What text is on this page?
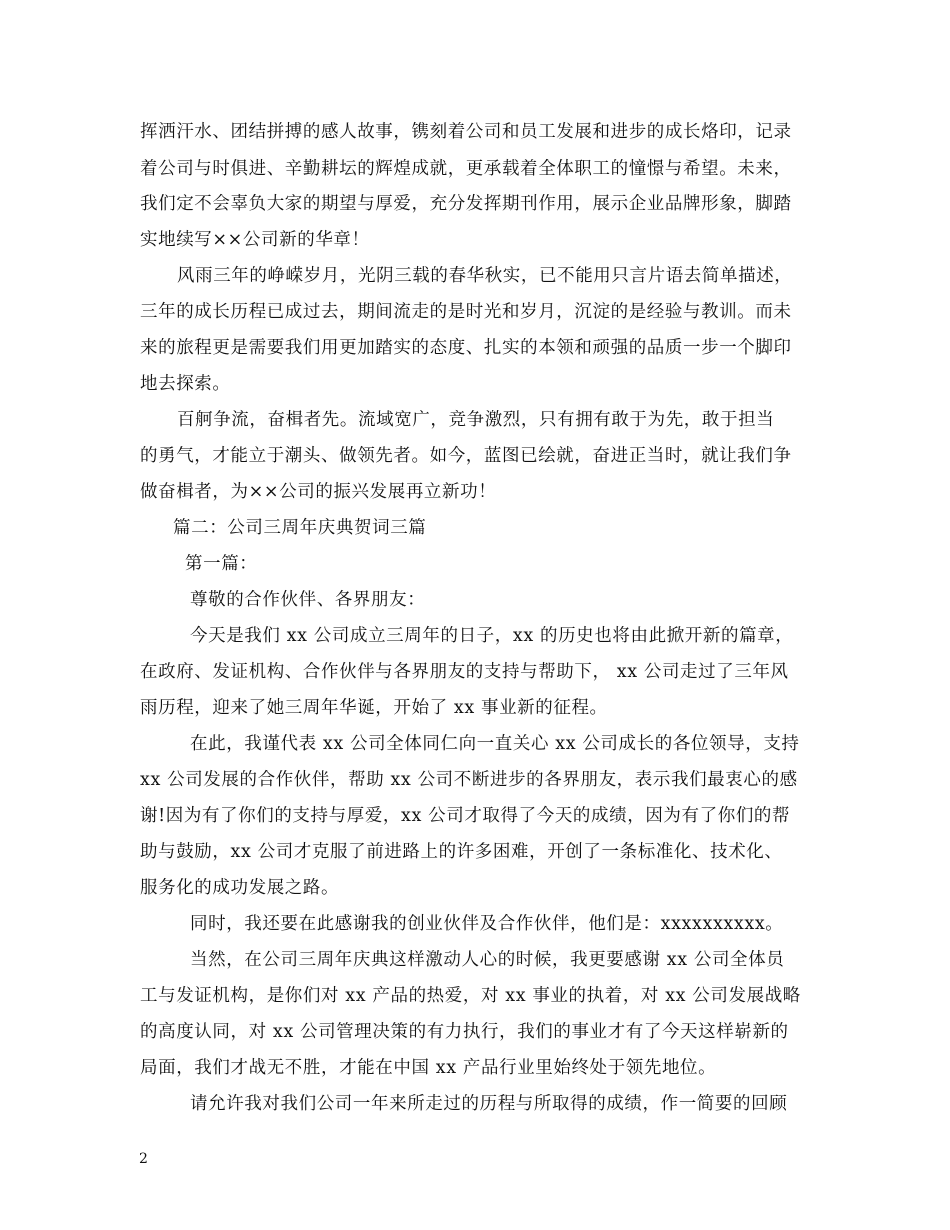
挥洒汗水、团结拼搏的感人故事，镌刻着公司和员工发展和进步的成长烙印，记录
着公司与时俱进、辛勤耕坛的辉煌成就，更承载着全体职工的憧憬与希望。未来，
我们定不会辜负大家的期望与厚爱，充分发挥期刊作用，展示企业品牌形象，脚踏
实地续写××公司新的华章！
风雨三年的峥嵘岁月，光阴三载的春华秋实，已不能用只言片语去简单描述，
三年的成长历程已成过去，期间流走的是时光和岁月，沉淀的是经验与教训。而未
来的旅程更是需要我们用更加踏实的态度、扎实的本领和顽强的品质一步一个脚印
地去探索。
百舸争流，奋楫者先。流域宽广，竞争激烈，只有拥有敢于为先，敢于担当
的勇气，才能立于潮头、做领先者。如今，蓝图已绘就，奋进正当时，就让我们争
做奋楫者，为××公司的振兴发展再立新功！
篇二：公司三周年庆典贺词三篇
第一篇：
尊敬的合作伙伴、各界朋友：
今天是我们 xx 公司成立三周年的日子，xx 的历史也将由此掀开新的篇章，
在政府、发证机构、合作伙伴与各界朋友的支持与帮助下， xx 公司走过了三年风
雨历程，迎来了她三周年华诞，开始了 xx 事业新的征程。
在此，我谨代表 xx 公司全体同仁向一直关心 xx 公司成长的各位领导，支持
xx 公司发展的合作伙伴，帮助 xx 公司不断进步的各界朋友，表示我们最衷心的感
谢!因为有了你们的支持与厚爱，xx 公司才取得了今天的成绩，因为有了你们的帮
助与鼓励，xx 公司才克服了前进路上的许多困难，开创了一条标准化、技术化、
服务化的成功发展之路。
同时，我还要在此感谢我的创业伙伴及合作伙伴，他们是：xxxxxxxxxx。
当然，在公司三周年庆典这样激动人心的时候，我更要感谢 xx 公司全体员
工与发证机构，是你们对 xx 产品的热爱，对 xx 事业的执着，对 xx 公司发展战略
的高度认同，对 xx 公司管理决策的有力执行，我们的事业才有了今天这样崭新的
局面，我们才战无不胜，才能在中国 xx 产品行业里始终处于领先地位。
请允许我对我们公司一年来所走过的历程与所取得的成绩，作一简要的回顾
2
